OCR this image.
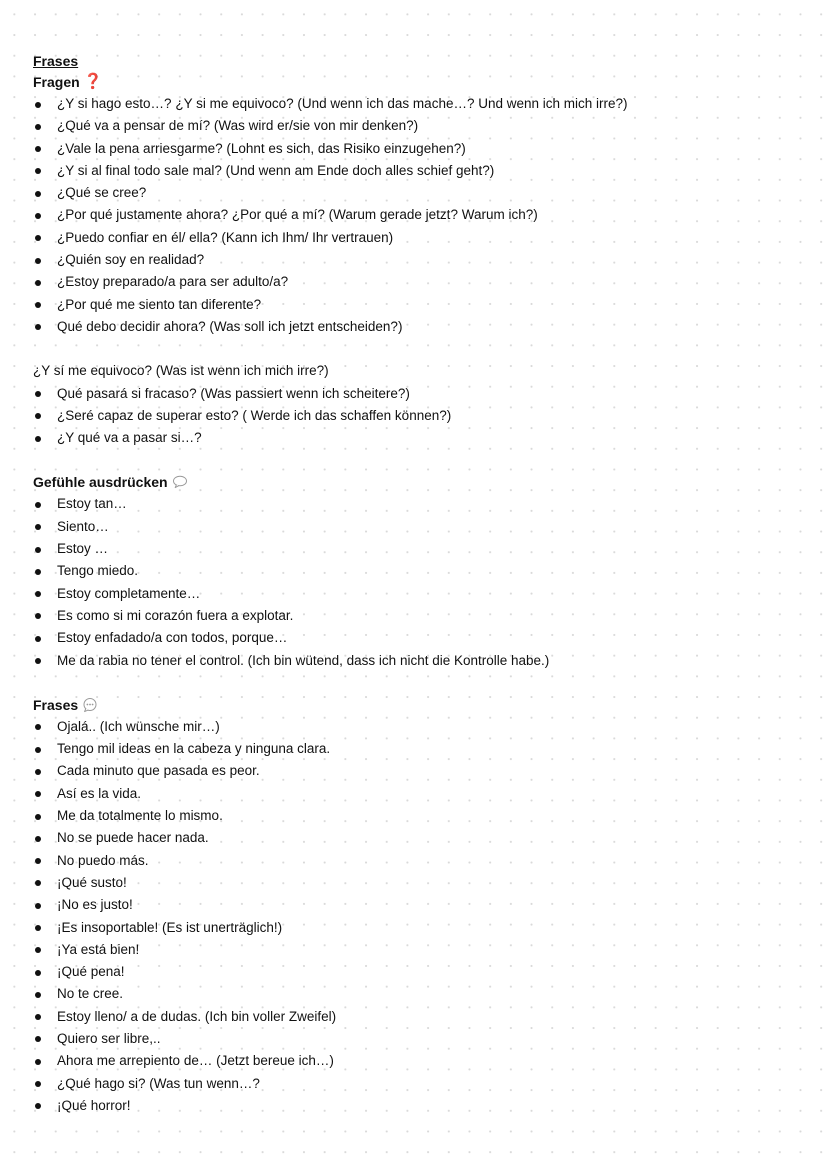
Frases
Fragen ❓
¿Y si hago esto…? ¿Y si me equivoco? (Und wenn ich das mache…? Und wenn ich mich irre?)
¿Qué va a pensar de mí? (Was wird er/sie von mir denken?)
¿Vale la pena arriesgarme? (Lohnt es sich, das Risiko einzugehen?)
¿Y si al final todo sale mal? (Und wenn am Ende doch alles schief geht?)
¿Qué se cree?
¿Por qué justamente ahora? ¿Por qué a mí? (Warum gerade jetzt? Warum ich?)
¿Puedo confiar en él/ ella? (Kann ich Ihm/ Ihr vertrauen)
¿Quién soy en realidad?
¿Estoy preparado/a para ser adulto/a?
¿Por qué me siento tan diferente?
Qué debo decidir ahora? (Was soll ich jetzt entscheiden?)
¿Y sí me equivoco? (Was ist wenn ich mich irre?)
Qué pasará si fracaso? (Was passiert wenn ich scheitere?)
¿Seré capaz de superar esto? ( Werde ich das schaffen können?)
¿Y qué va a pasar si…?
Gefühle ausdrücken
Estoy tan…
Siento…
Estoy …
Tengo miedo.
Estoy completamente…
Es como si mi corazón fuera a explotar.
Estoy enfadado/a con todos, porque…
Me da rabia no tener el control. (Ich bin wütend, dass ich nicht die Kontrolle habe.)
Frases
Ojalá.. (Ich wünsche mir…)
Tengo mil ideas en la cabeza y ninguna clara.
Cada minuto que pasada es peor.
Así es la vida.
Me da totalmente lo mismo.
No se puede hacer nada.
No puedo más.
¡Qué susto!
¡No es justo!
¡Es insoportable! (Es ist unerträglich!)
¡Ya está bien!
¡Qué pena!
No te cree.
Estoy lleno/ a de dudas. (Ich bin voller Zweifel)
Quiero ser libre,..
Ahora me arrepiento de… (Jetzt bereue ich…)
¿Qué hago si? (Was tun wenn…?
¡Qué horror!
